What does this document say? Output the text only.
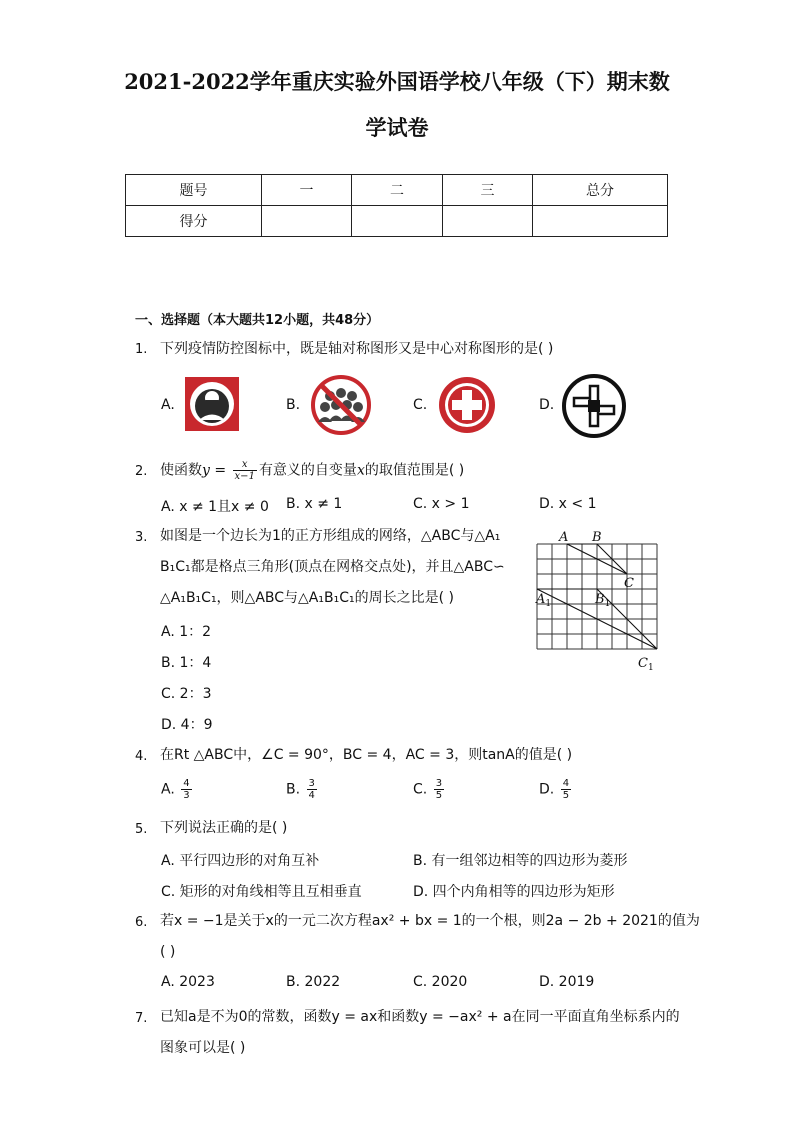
2021-2022学年重庆实验外国语学校八年级（下）期末数
学试卷
题号	一	二	三	总分
得分				
一、选择题（本大题共12小题，共48分）
1. 下列疫情防控图标中，既是轴对称图形又是中心对称图形的是( )
A.	B.	C.	D.
2. 使函数$y = \frac{x}{x-1}$ 有意义的自变量x的取值范围是( )
A. x ≠ 1且x ≠ 0 B. x ≠ 1	C. x > 1	D. x < 1
3. 如图是一个边长为1的正方形组成的网络，△ABC与△A₁
B₁C₁都是格点三角形(顶点在网格交点处)，并且△ABC∽
△A₁B₁C₁，则△ABC与△A₁B₁C₁的周长之比是( )
A. 1：2
B. 1：4
C. 2：3
D. 4：9
A B
C
$A_1$	$B_1$
$C_1$
4. 在Rt △ABC中，∠C = 90°，BC = 4，AC = 3，则tanA的值是( )
A. $\frac{4}{3}$	B. $\frac{3}{4}$	C. $\frac{3}{5}$	D. $\frac{4}{5}$
5. 下列说法正确的是( )
A. 平行四边形的对角互补	B. 有一组邻边相等的四边形为菱形
C. 矩形的对角线相等且互相垂直	D. 四个内角相等的四边形为矩形
6. 若x = −1是关于x的一元二次方程ax² + bx = 1的一个根，则2a − 2b + 2021的值为
( )
A. 2023	B. 2022	C. 2020	D. 2019
7. 已知a是不为0的常数，函数y = ax和函数y = −ax² + a在同一平面直角坐标系内的
图象可以是( )
